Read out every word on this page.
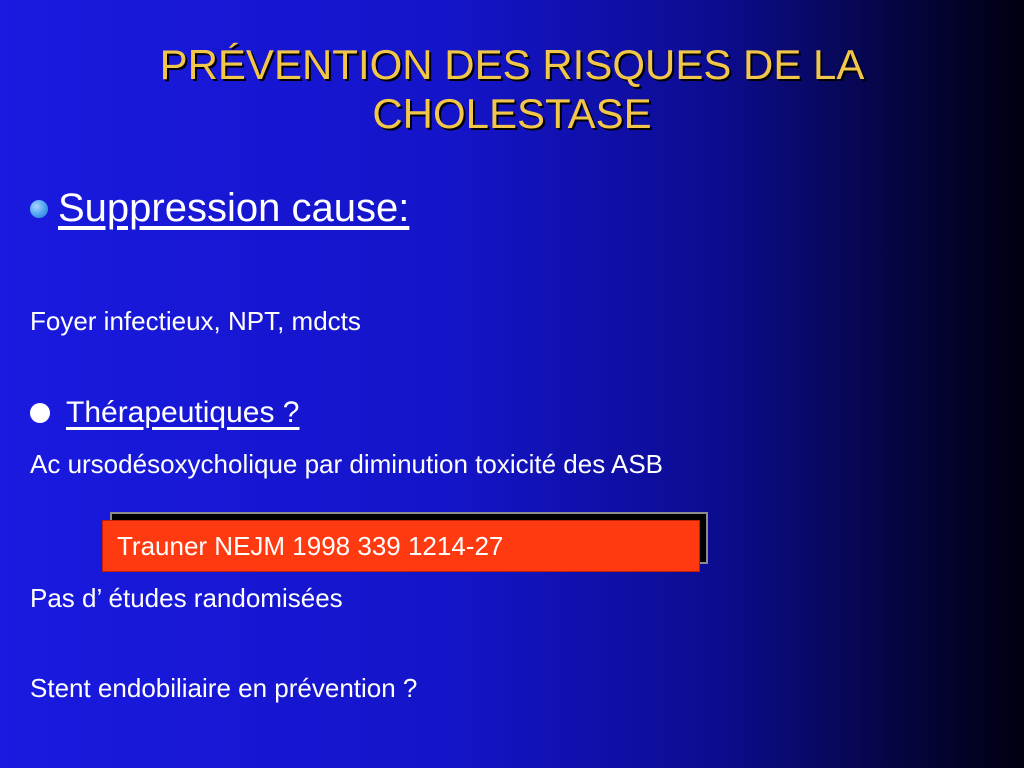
PRÉVENTION DES RISQUES DE LA
CHOLESTASE
Suppression cause:
Foyer infectieux, NPT, mdcts
Thérapeutiques ?
Ac ursodésoxycholique par diminution toxicité des ASB
Trauner NEJM 1998 339 1214-27
Pas d’ études randomisées
Stent endobiliaire en prévention ?
